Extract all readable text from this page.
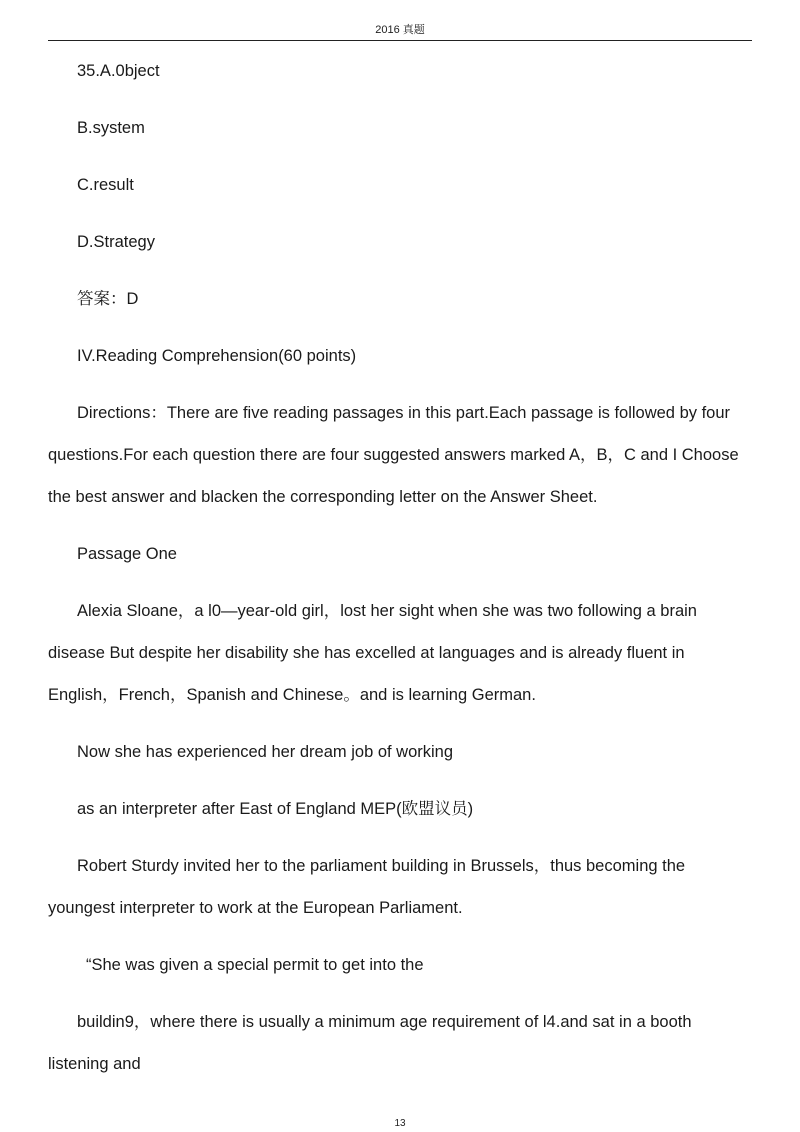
2016 真题

35.A.0bject

B.system

C.result

D.Strategy

答案：D

IV.Reading Comprehension(60 points)

Directions：There are five reading passages in this part.Each passage is followed by four questions.For each question there are four suggested answers marked A，B，C and I Choose the best answer and blacken the corresponding letter on the Answer Sheet.

Passage One

Alexia Sloane，a l0—year-old girl，lost her sight when she was two following a brain disease But despite her disability she has excelled at languages and is already fluent in English，French，Spanish and Chinese。and is learning German.

Now she has experienced her dream job of working

as an interpreter after East of England MEP(欧盟议员)

Robert Sturdy invited her to the parliament building in Brussels，thus becoming the youngest interpreter to work at the European Parliament.

“She was given a special permit to get into the

buildin9，where there is usually a minimum age requirement of l4.and sat in a booth listening and

13
